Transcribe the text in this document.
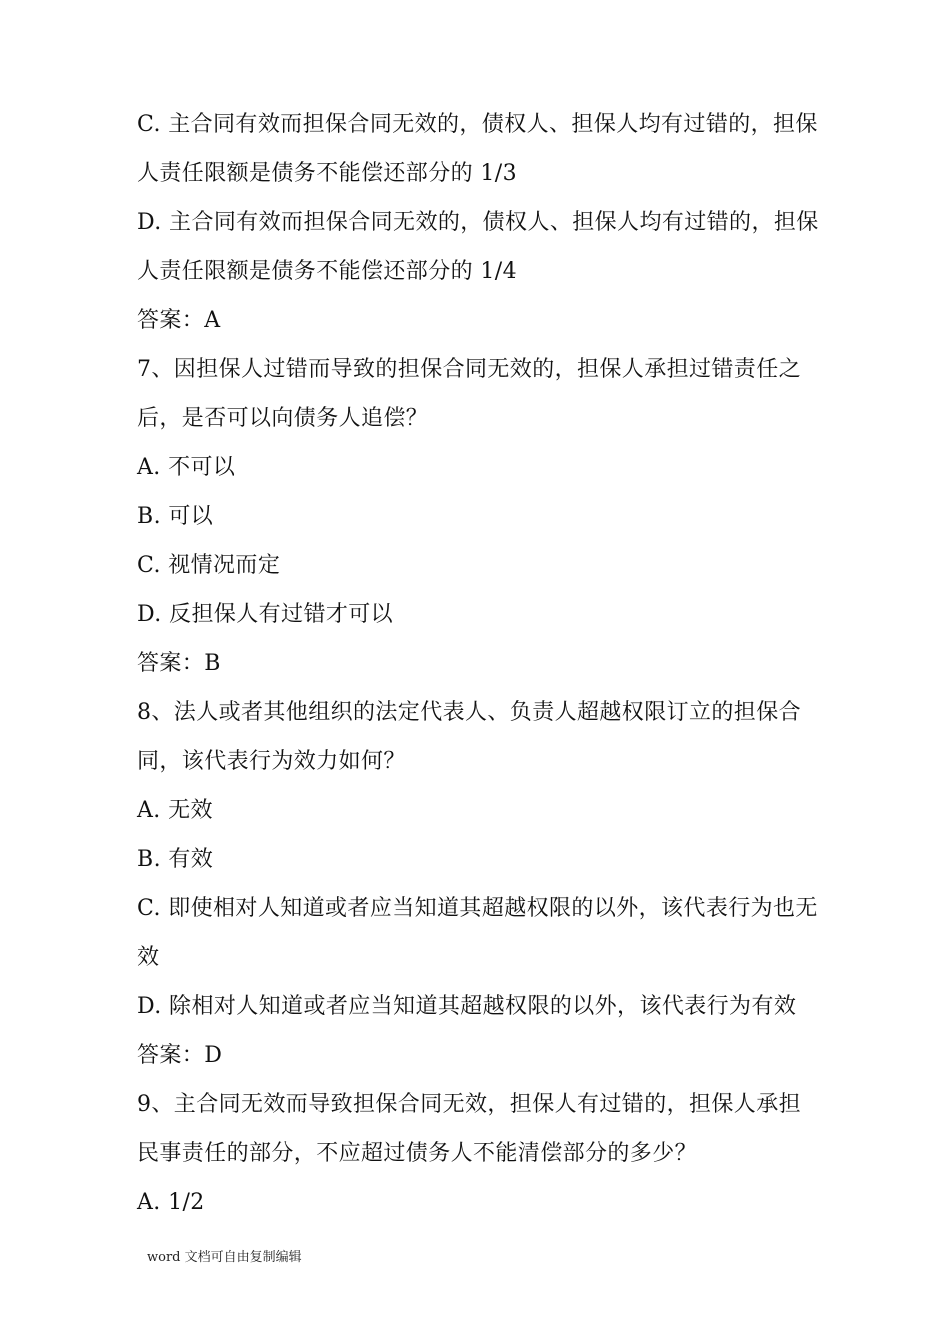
C. 主合同有效而担保合同无效的，债权人、担保人均有过错的，担保
人责任限额是债务不能偿还部分的 1/3
D. 主合同有效而担保合同无效的，债权人、担保人均有过错的，担保
人责任限额是债务不能偿还部分的 1/4
答案：A
7、因担保人过错而导致的担保合同无效的，担保人承担过错责任之
后，是否可以向债务人追偿？
A. 不可以
B. 可以
C. 视情况而定
D. 反担保人有过错才可以
答案：B
8、法人或者其他组织的法定代表人、负责人超越权限订立的担保合
同，该代表行为效力如何？
A. 无效
B. 有效
C. 即使相对人知道或者应当知道其超越权限的以外，该代表行为也无
效
D. 除相对人知道或者应当知道其超越权限的以外，该代表行为有效
答案：D
9、主合同无效而导致担保合同无效，担保人有过错的，担保人承担
民事责任的部分，不应超过债务人不能清偿部分的多少？
A. 1/2
word 文档可自由复制编辑
